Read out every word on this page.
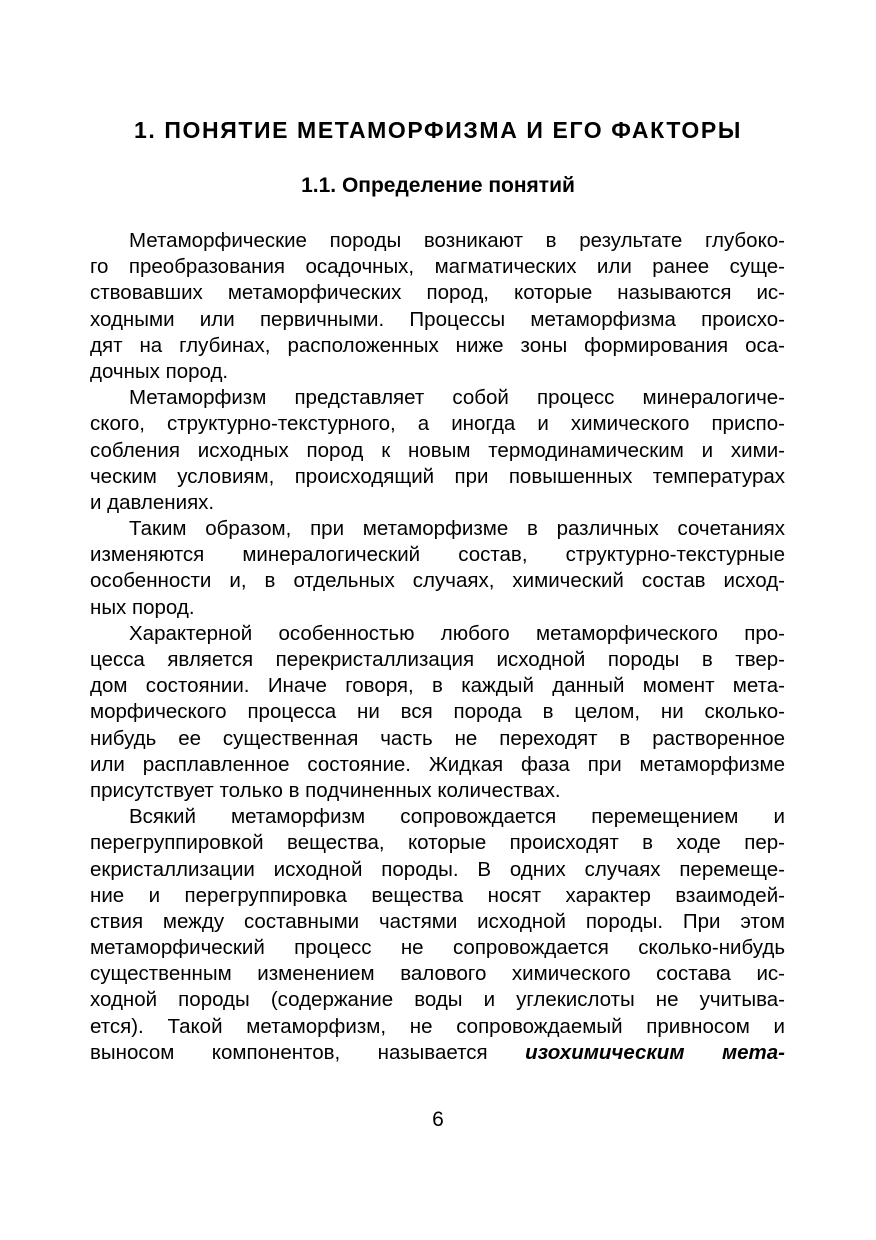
1. ПОНЯТИЕ МЕТАМОРФИЗМА И ЕГО ФАКТОРЫ
1.1. Определение понятий
Метаморфические породы возникают в результате глубоко-
го преобразования осадочных, магматических или ранее суще-
ствовавших метаморфических пород, которые называются ис-
ходными или первичными. Процессы метаморфизма происхо-
дят на глубинах, расположенных ниже зоны формирования оса-
дочных пород.
Метаморфизм представляет собой процесс минералогиче-
ского, структурно-текстурного, а иногда и химического приспо-
собления исходных пород к новым термодинамическим и хими-
ческим условиям, происходящий при повышенных температурах
и давлениях.
Таким образом, при метаморфизме в различных сочетаниях
изменяются минералогический состав, структурно-текстурные
особенности и, в отдельных случаях, химический состав исход-
ных пород.
Характерной особенностью любого метаморфического про-
цесса является перекристаллизация исходной породы в твер-
дом состоянии. Иначе говоря, в каждый данный момент мета-
морфического процесса ни вся порода в целом, ни сколько-
нибудь ее существенная часть не переходят в растворенное
или расплавленное состояние. Жидкая фаза при метаморфизме
присутствует только в подчиненных количествах.
Всякий метаморфизм сопровождается перемещением и
перегруппировкой вещества, которые происходят в ходе пер-
екристаллизации исходной породы. В одних случаях перемеще-
ние и перегруппировка вещества носят характер взаимодей-
ствия между составными частями исходной породы. При этом
метаморфический процесс не сопровождается сколько-нибудь
существенным изменением валового химического состава ис-
ходной породы (содержание воды и углекислоты не учитыва-
ется). Такой метаморфизм, не сопровождаемый привносом и
выносом компонентов, называется изохимическим мета-
6
